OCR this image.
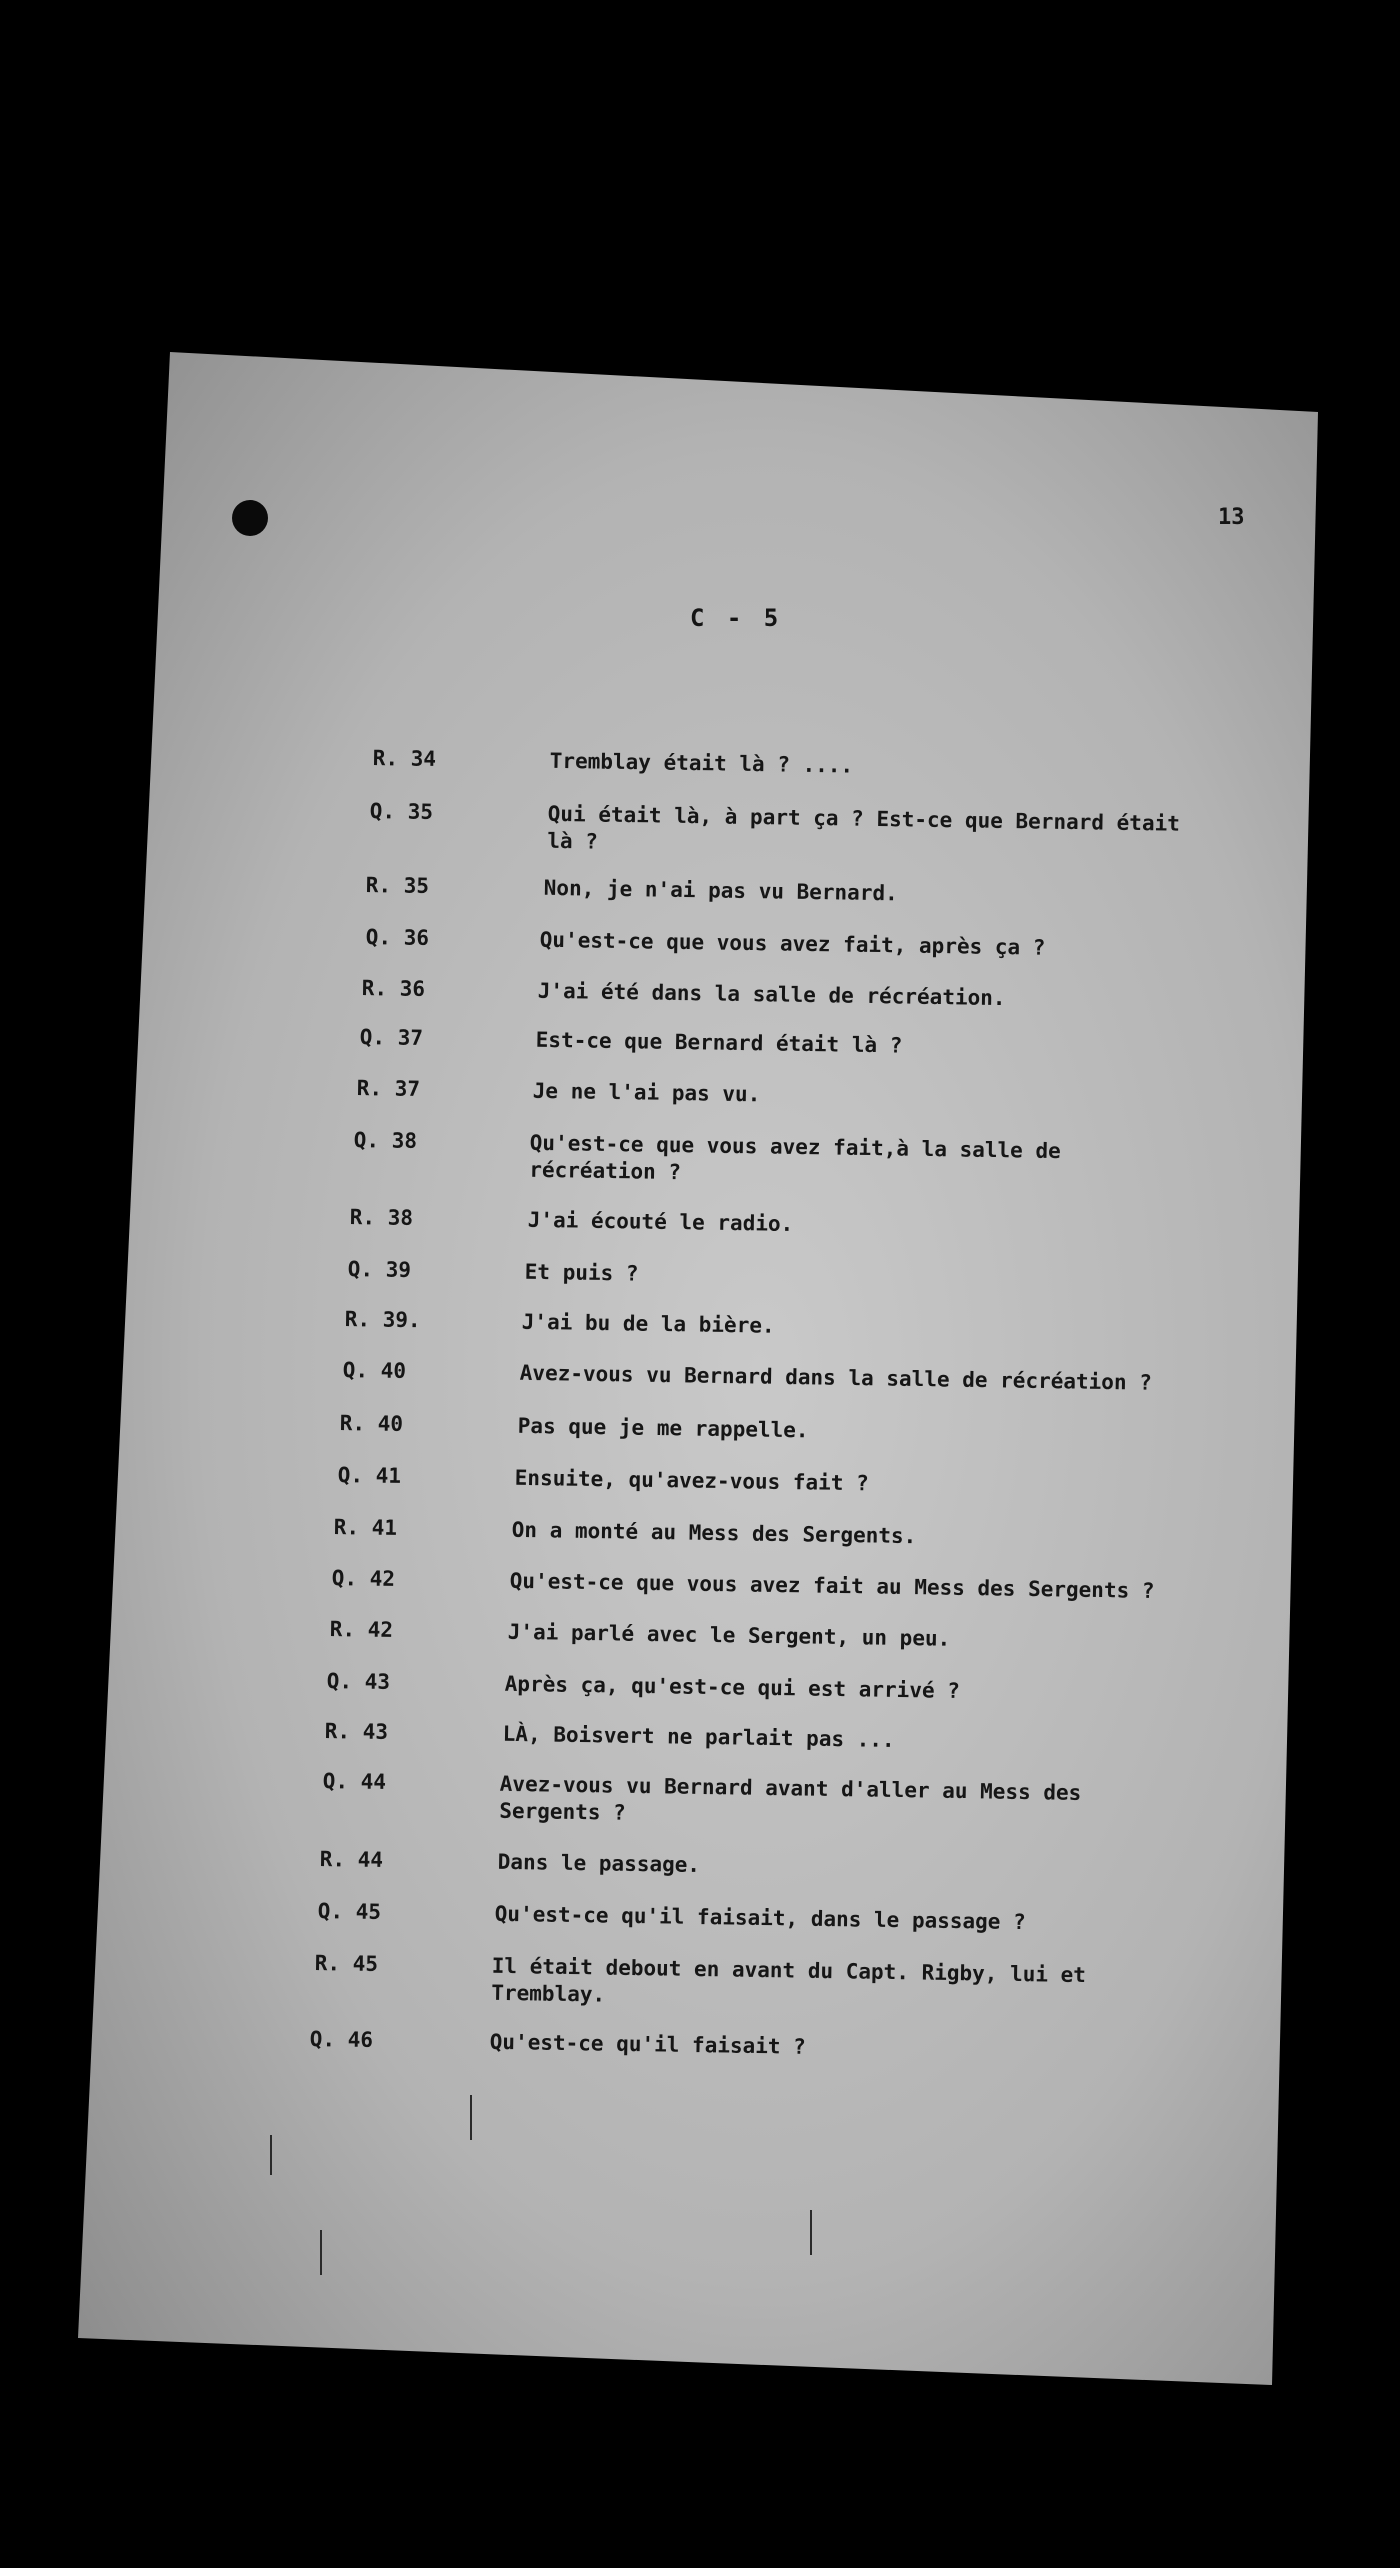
13
C - 5
R. 34	Tremblay était là ? ....
Q. 35	Qui était là, à part ça ? Est-ce que Bernard était là ?
R. 35	Non, je n'ai pas vu Bernard.
Q. 36	Qu'est-ce que vous avez fait, après ça ?
R. 36	J'ai été dans la salle de récréation.
Q. 37	Est-ce que Bernard était là ?
R. 37	Je ne l'ai pas vu.
Q. 38	Qu'est-ce que vous avez fait,à la salle de récréation ?
R. 38	J'ai écouté le radio.
Q. 39	Et puis ?
R. 39.	J'ai bu de la bière.
Q. 40	Avez-vous vu Bernard dans la salle de récréation ?
R. 40	Pas que je me rappelle.
Q. 41	Ensuite, qu'avez-vous fait ?
R. 41	On a monté au Mess des Sergents.
Q. 42	Qu'est-ce que vous avez fait au Mess des Sergents ?
R. 42	J'ai parlé avec le Sergent, un peu.
Q. 43	Après ça, qu'est-ce qui est arrivé ?
R. 43	LÀ, Boisvert ne parlait pas ...
Q. 44	Avez-vous vu Bernard avant d'aller au Mess des Sergents ?
R. 44	Dans le passage.
Q. 45	Qu'est-ce qu'il faisait, dans le passage ?
R. 45	Il était debout en avant du Capt. Rigby, lui et Tremblay.
Q. 46	Qu'est-ce qu'il faisait ?
